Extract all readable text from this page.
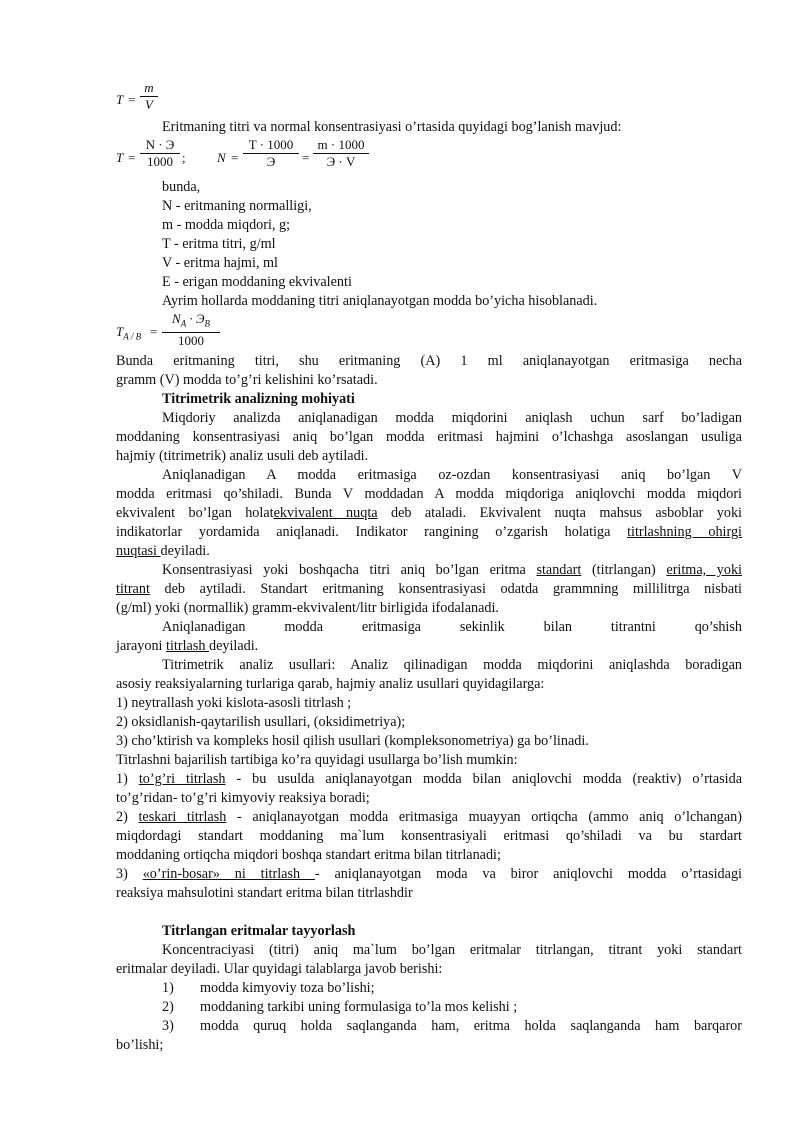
$T = \frac{m}{V}$
Eritmaning titri va normal konsentrasiyasi o’rtasida quyidagi bog’lanish mavjud:
T =
N · Э
1000 ; N =
T · 1000
Э	=
m · 1000
Э · V
bunda,
N - eritmaning normalligi,
m - modda miqdori, g;
T - eritma titri, g/ml
V - eritma hajmi, ml
E - erigan moddaning ekvivalenti
Ayrim hollarda moddaning titri aniqlanayotgan modda bo’yicha hisoblanadi.
$T_{A / B}$ =
$N_A \cdot Э_B$
1000
Bunda eritmaning titri, shu eritmaning (A) 1 ml aniqlanayotgan eritmasiga necha
gramm (V) modda to’g’ri kelishini ko’rsatadi.
Titrimetrik analizning mohiyati
Miqdoriy analizda aniqlanadigan modda miqdorini aniqlash uchun sarf bo’ladigan
moddaning konsentrasiyasi aniq bo’lgan modda eritmasi hajmini o’lchashga asoslangan usuliga
hajmiy (titrimetrik) analiz usuli deb aytiladi.
Aniqlanadigan A modda eritmasiga oz-ozdan konsentrasiyasi aniq bo’lgan V
modda eritmasi qo’shiladi. Bunda V moddadan A modda miqdoriga aniqlovchi modda miqdori
ekvivalent bo’lgan holatekvivalent nuqta deb ataladi. Ekvivalent nuqta mahsus asboblar yoki
indikatorlar yordamida aniqlanadi. Indikator rangining o’zgarish holatiga titrlashning ohirgi
nuqtasi deyiladi.
Konsentrasiyasi yoki boshqacha titri aniq bo’lgan eritma standart (titrlangan) eritma, yoki
titrant deb aytiladi. Standart eritmaning konsentrasiyasi odatda grammning millilitrga nisbati
(g/ml) yoki (normallik) gramm-ekvivalent/litr birligida ifodalanadi.
Aniqlanadigan modda eritmasiga sekinlik bilan titrantni qo’shish
jarayoni titrlash deyiladi.
Titrimetrik analiz usullari: Analiz qilinadigan modda miqdorini aniqlashda boradigan
asosiy reaksiyalarning turlariga qarab, hajmiy analiz usullari quyidagilarga:
1) neytrallash yoki kislota-asosli titrlash ;
2) oksidlanish-qaytarilish usullari, (oksidimetriya);
3) cho’ktirish va kompleks hosil qilish usullari (kompleksonometriya) ga bo’linadi.
Titrlashni bajarilish tartibiga ko’ra quyidagi usullarga bo’lish mumkin:
1) to’g’ri titrlash - bu usulda aniqlanayotgan modda bilan aniqlovchi modda (reaktiv) o’rtasida
to’g’ridan- to’g’ri kimyoviy reaksiya boradi;
2) teskari titrlash - aniqlanayotgan modda eritmasiga muayyan ortiqcha (ammo aniq o’lchangan)
miqdordagi standart moddaning ma`lum konsentrasiyali eritmasi qo’shiladi va bu stardart
moddaning ortiqcha miqdori boshqa standart eritma bilan titrlanadi;
3) «o’rin-bosar» ni titrlash - aniqlanayotgan moda va biror aniqlovchi modda o’rtasidagi
reaksiya mahsulotini standart eritma bilan titrlashdir
Titrlangan eritmalar tayyorlash
Koncentraciyasi (titri) aniq ma`lum bo’lgan eritmalar titrlangan, titrant yoki standart
eritmalar deyiladi. Ular quyidagi talablarga javob berishi:
1) modda kimyoviy toza bo’lishi;
2) moddaning tarkibi uning formulasiga to’la mos kelishi ;
3)	modda quruq holda saqlanganda ham, eritma holda saqlanganda ham barqaror
bo’lishi;
